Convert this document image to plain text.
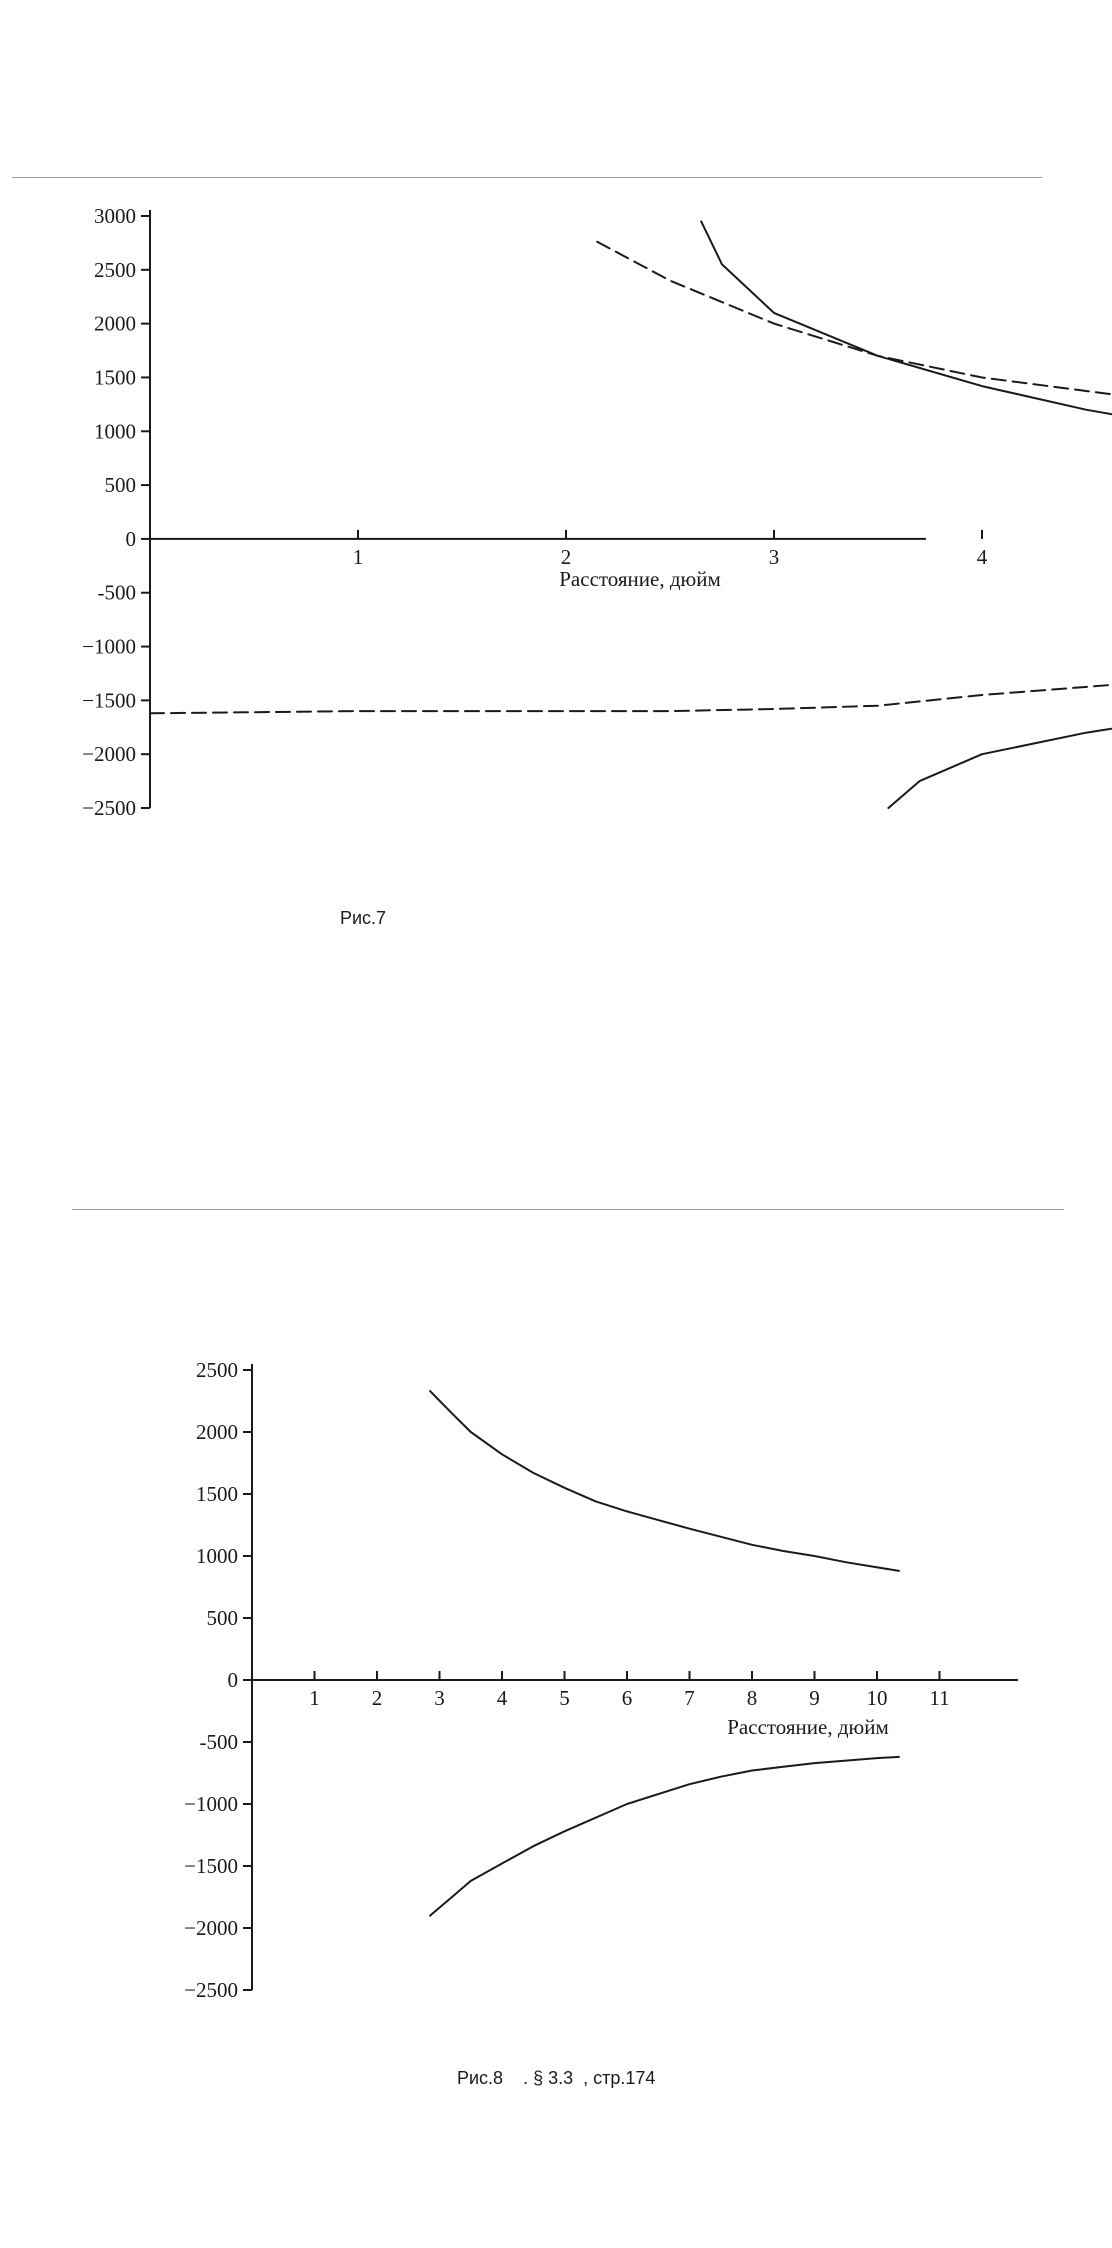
3000
2500
2000
1500
1000
500
0
-500
−1000
−1500
−2000
−2500
1	2	3	4
Расстояние, дюйм
Рис.7
2500
2000
1500
1000
500
0
-500
−1000
−1500
−2000
−2500
1 2 3 4 5 6 7 8 9 10 11
Расстояние, дюйм
Рис.8    . § 3.3  , стр.174
